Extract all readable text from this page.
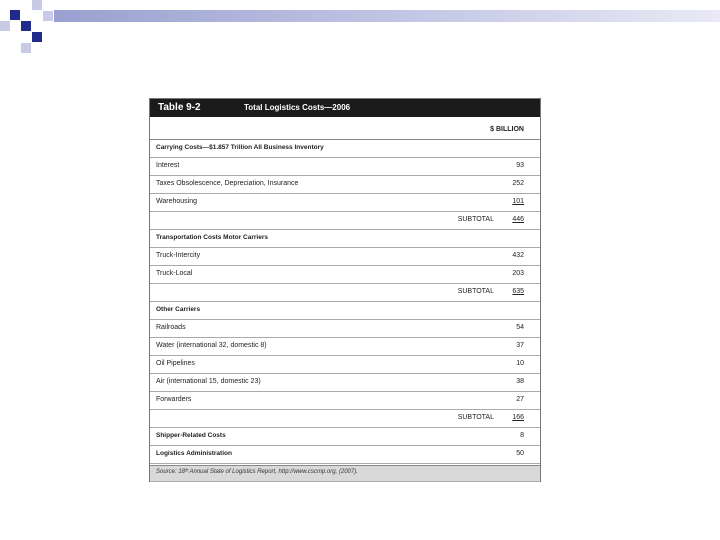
Table 9-2	Total Logistics Costs—2006
$ BILLION
Carrying Costs—$1.857 Trillion All Business Inventory
Interest	93
Taxes Obsolescence, Depreciation, Insurance	252
Warehousing	101
SUBTOTAL	446
Transportation Costs Motor Carriers
Truck-Intercity	432
Truck-Local	203
SUBTOTAL	635
Other Carriers
Railroads	54
Water (international 32, domestic 8)	37
Oil Pipelines	10
Air (international 15, domestic 23)	38
Forwarders	27
SUBTOTAL	166
Shipper-Related Costs	8
Logistics Administration	50
Source: 18ᵗʰ Annual State of Logistics Report, http://www.cscmp.org, (2007).
